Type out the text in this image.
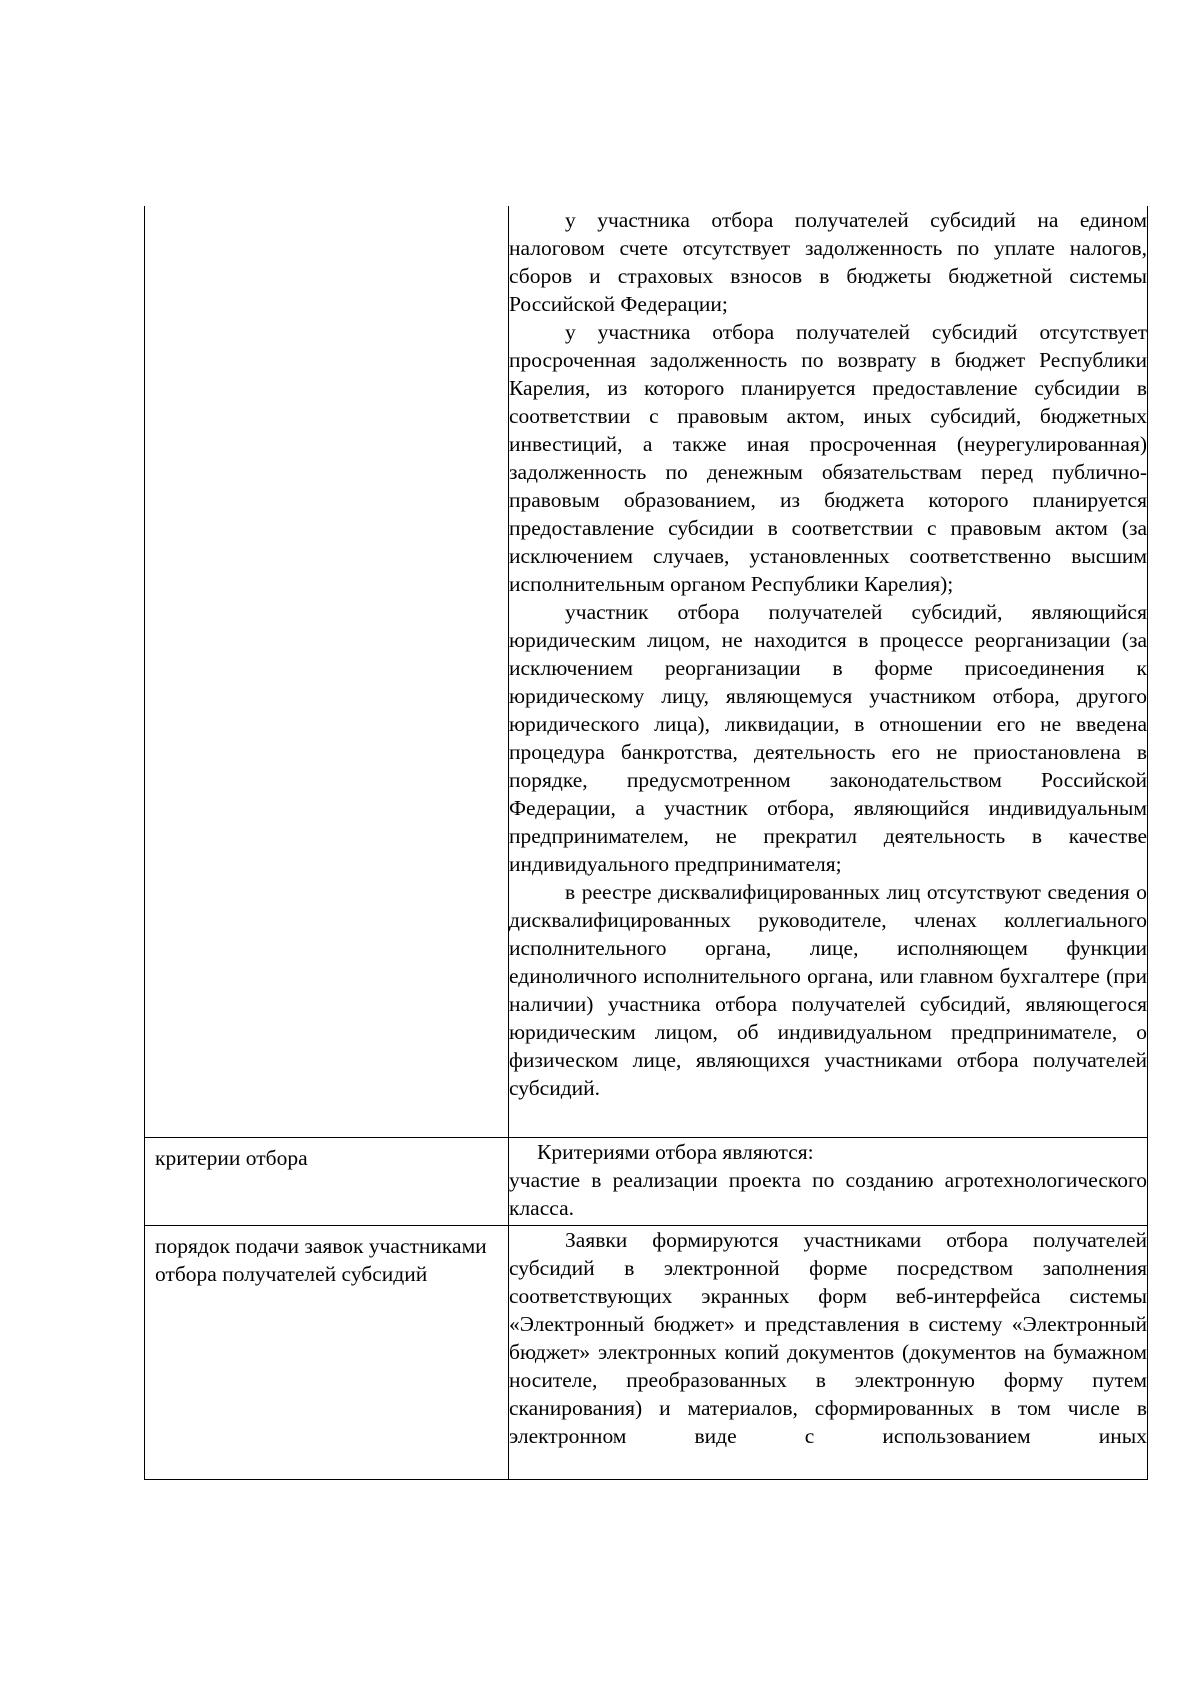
	у участника отбора получателей субсидий на едином налоговом счете отсутствует задолженность по уплате налогов, сборов и страховых взносов в бюджеты бюджетной системы Российской Федерации;

у участника отбора получателей субсидий отсутствует просроченная задолженность по возврату в бюджет Республики Карелия, из которого планируется предоставление субсидии в соответствии с правовым актом, иных субсидий, бюджетных инвестиций, а также иная просроченная (неурегулированная) задолженность по денежным обязательствам перед публично-правовым образованием, из бюджета которого планируется предоставление субсидии в соответствии с правовым актом (за исключением случаев, установленных соответственно высшим исполнительным органом Республики Карелия);

участник отбора получателей субсидий, являющийся юридическим лицом, не находится в процессе реорганизации (за исключением реорганизации в форме присоединения к юридическому лицу, являющемуся участником отбора, другого юридического лица), ликвидации, в отношении его не введена процедура банкротства, деятельность его не приостановлена в порядке, предусмотренном законодательством Российской Федерации, а участник отбора, являющийся индивидуальным предпринимателем, не прекратил деятельность в качестве индивидуального предпринимателя;

в реестре дисквалифицированных лиц отсутствуют сведения о дисквалифицированных руководителе, членах коллегиального исполнительного органа, лице, исполняющем функции единоличного исполнительного органа, или главном бухгалтере (при наличии) участника отбора получателей субсидий, являющегося юридическим лицом, об индивидуальном предпринимателе, о физическом лице, являющихся участниками отбора получателей субсидий.

критерии отбора	Критериями отбора являются:

участие в реализации проекта по созданию агротехнологического класса.

порядок подачи заявок участниками отбора получателей субсидий	Заявки формируются участниками отбора получателей субсидий в электронной форме посредством заполнения соответствующих экранных форм веб-интерфейса системы «Электронный бюджет» и представления в систему «Электронный бюджет» электронных копий документов (документов на бумажном носителе, преобразованных в электронную форму путем сканирования) и материалов, сформированных в том числе в электронном виде с использованием иных
